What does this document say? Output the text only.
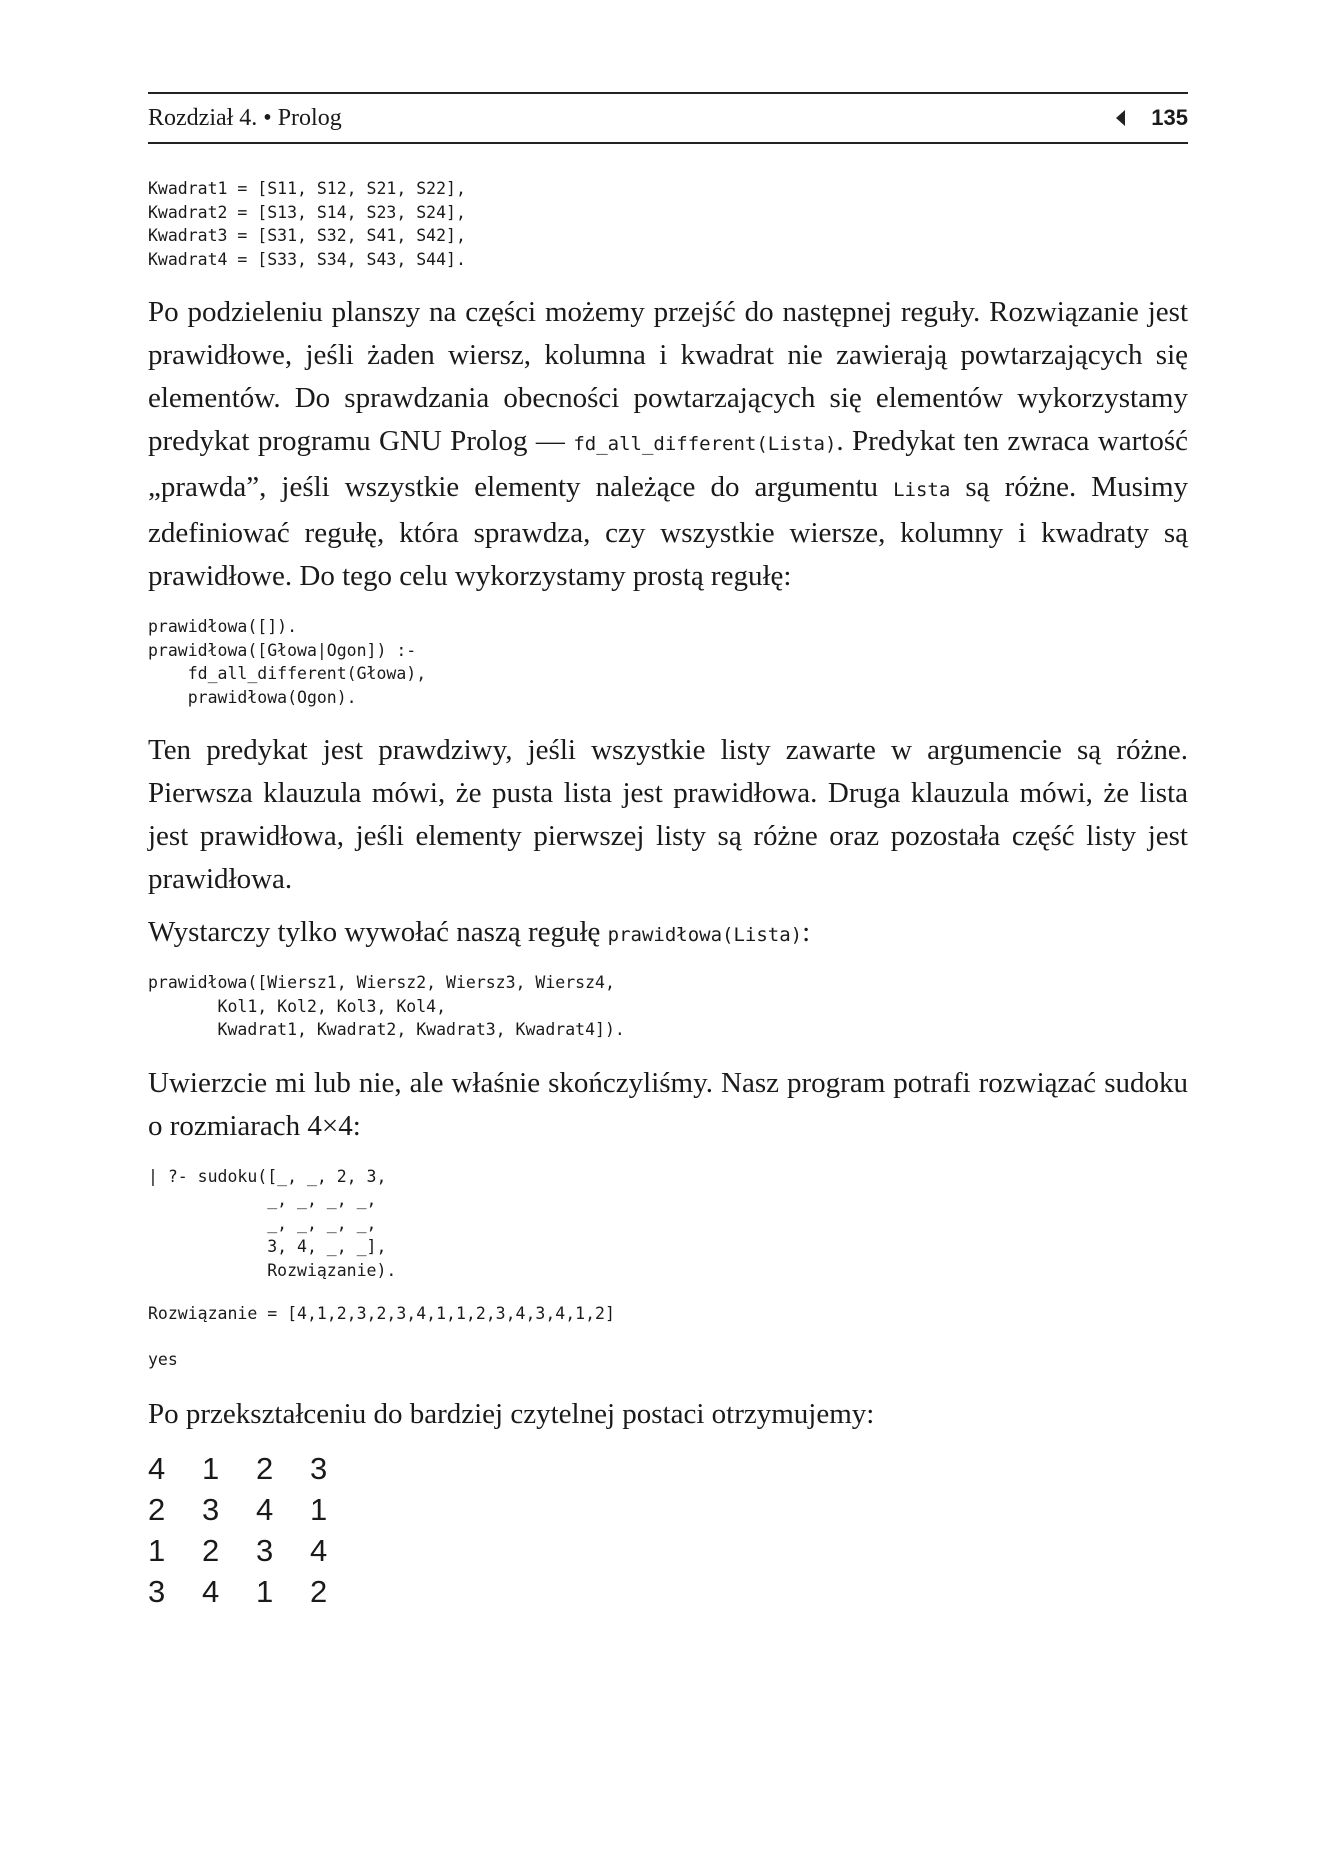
Rozdział 4. • Prolog	135
Kwadrat1 = [S11, S12, S21, S22],
Kwadrat2 = [S13, S14, S23, S24],
Kwadrat3 = [S31, S32, S41, S42],
Kwadrat4 = [S33, S34, S43, S44].

Po podzieleniu planszy na części możemy przejść do następnej reguły. Rozwiązanie jest prawidłowe, jeśli żaden wiersz, kolumna i kwadrat nie zawierają powtarzających się elementów. Do sprawdzania obecności powtarzających się elementów wykorzystamy predykat programu GNU Prolog — fd_all_different(Lista). Predykat ten zwraca wartość „prawda”, jeśli wszystkie elementy należące do argumentu Lista są różne. Musimy zdefiniować regułę, która sprawdza, czy wszystkie wiersze, kolumny i kwadraty są prawidłowe. Do tego celu wykorzystamy prostą regułę:

prawidłowa([]).
prawidłowa([Głowa|Ogon]) :-
fd_all_different(Głowa),
prawidłowa(Ogon).

Ten predykat jest prawdziwy, jeśli wszystkie listy zawarte w argumencie są różne. Pierwsza klauzula mówi, że pusta lista jest prawidłowa. Druga klauzula mówi, że lista jest prawidłowa, jeśli elementy pierwszej listy są różne oraz pozostała część listy jest prawidłowa.

Wystarczy tylko wywołać naszą regułę prawidłowa(Lista):

prawidłowa([Wiersz1, Wiersz2, Wiersz3, Wiersz4,
Kol1, Kol2, Kol3, Kol4,
Kwadrat1, Kwadrat2, Kwadrat3, Kwadrat4]).

Uwierzcie mi lub nie, ale właśnie skończyliśmy. Nasz program potrafi rozwiązać sudoku o rozmiarach 4×4:

| ?- sudoku([_, _, 2, 3,
_, _, _, _,
_, _, _, _,
3, 4, _, _],
Rozwiązanie).
Rozwiązanie = [4,1,2,3,2,3,4,1,1,2,3,4,3,4,1,2]
yes

Po przekształceniu do bardziej czytelnej postaci otrzymujemy:

4	1	2	3
2	3	4	1
1	2	3	4
3	4	1	2
